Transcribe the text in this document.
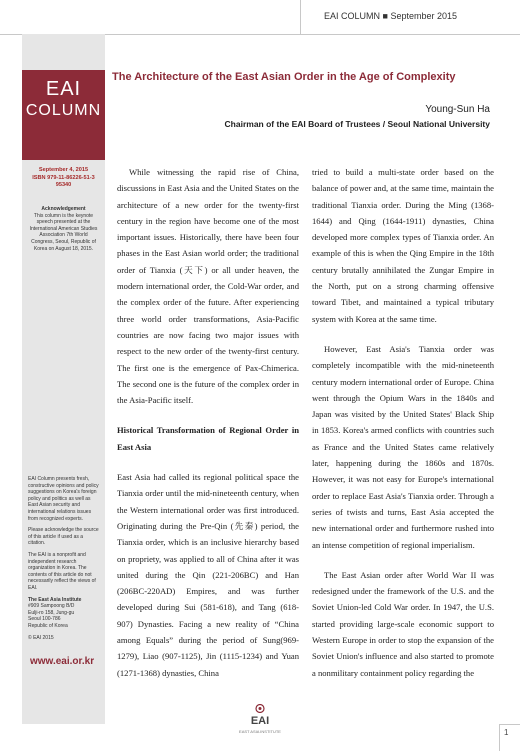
EAI COLUMN ■ September 2015
EAI
COLUMN
September 4, 2015
ISBN 979-11-86226-51-3
95340
Acknowledgement
This column is the keynote speech presented at the International American Studies Association 7th World Congress, Seoul, Republic of Korea on August 18, 2015.

EAI Column presents fresh, constructive opinions and policy suggestions on Korea's foreign policy and politics as well as East Asian security and international relations issues from recognized experts.

Please acknowledge the source of this article if used as a citation.

The EAI is a nonprofit and independent research organization in Korea. The contents of this article do not necessarily reflect the views of EAI.

The East Asia Institute
#909 Sampoong B/D
Eulji-ro 158, Jung-gu
Seoul 100-786
Republic of Korea
© EAI 2015
www.eai.or.kr
The Architecture of the East Asian Order in the Age of Complexity
Young-Sun Ha
Chairman of the EAI Board of Trustees / Seoul National University

While witnessing the rapid rise of China, discussions in East Asia and the United States on the architecture of a new order for the twenty-first century in the region have become one of the most important issues. Historically, there have been four phases in the East Asian world order; the traditional order of Tianxia (天下) or all under heaven, the modern international order, the Cold-War order, and the complex order of the future. After experiencing three world order transformations, Asia-Pacific countries are now facing two major issues with respect to the new order of the twenty-first century. The first one is the emergence of Pax-Chimerica. The second one is the future of the complex order in the Asia-Pacific itself.

Historical Transformation of Regional Order in East Asia

East Asia had called its regional political space the Tianxia order until the mid-nineteenth century, when the Western international order was first introduced. Originating during the Pre-Qin (先秦) period, the Tianxia order, which is an inclusive hierarchy based on propriety, was applied to all of China after it was united during the Qin (221-206BC) and Han (206BC-220AD) Empires, and was further developed during Sui (581-618), and Tang (618-907) Dynasties. Facing a new reality of “China among Equals” during the period of Sung(969-1279), Liao (907-1125), Jin (1115-1234) and Yuan (1271-1368) dynasties, China

tried to build a multi-state order based on the balance of power and, at the same time, maintain the traditional Tianxia order. During the Ming (1368-1644) and Qing (1644-1911) dynasties, China developed more complex types of Tianxia order. An example of this is when the Qing Empire in the 18th century brutally annihilated the Zungar Empire in the North, put on a strong charming offensive toward Tibet, and maintained a typical tributary system with Korea at the same time.

However, East Asia's Tianxia order was completely incompatible with the mid-nineteenth century modern international order of Europe. China went through the Opium Wars in the 1840s and Japan was visited by the United States' Black Ship in 1853. Korea's armed conflicts with countries such as France and the United States came relatively later, happening during the 1860s and 1870s. However, it was not easy for Europe's international order to replace East Asia's Tianxia order. Through a series of twists and turns, East Asia accepted the new international order and furthermore rushed into an intense competition of regional imperialism.

The East Asian order after World War II was redesigned under the framework of the U.S. and the Soviet Union-led Cold War order. In 1947, the U.S. started providing large-scale economic support to Western Europe in order to stop the expansion of the Soviet Union's influence and also started to promote a nonmilitary containment policy regarding the

EAI
EAST ASIA INSTITUTE	1
